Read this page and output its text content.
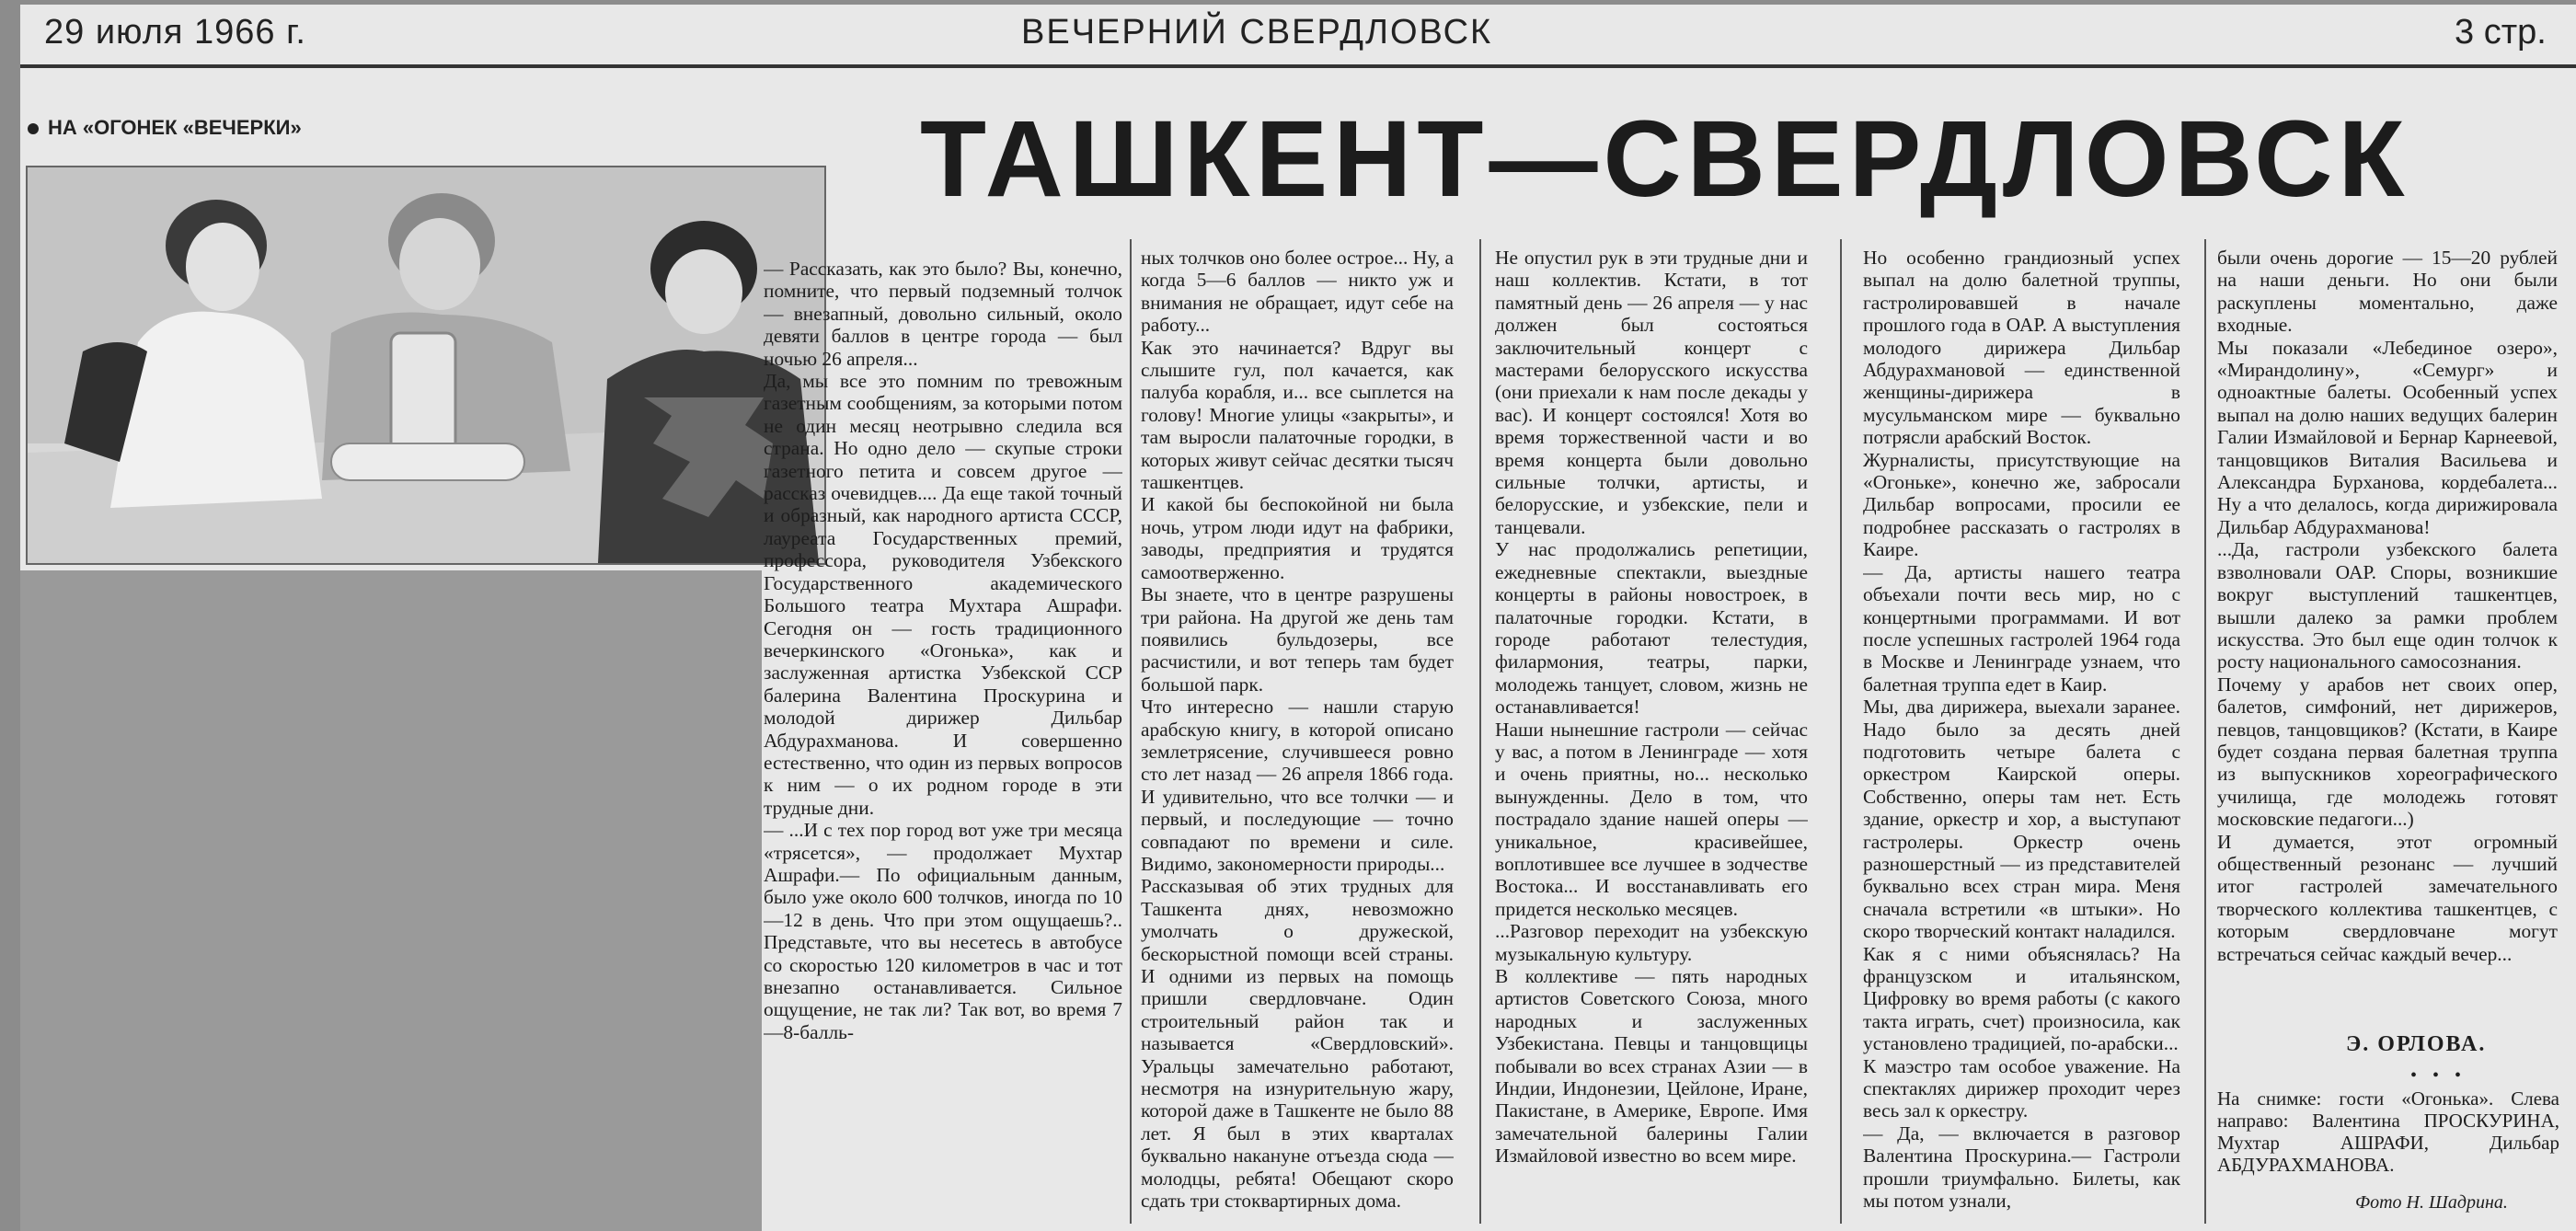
29 июля 1966 г.	ВЕЧЕРНИЙ СВЕРДЛОВСК	3 стр.
НА «ОГОНЕК «ВЕЧЕРКИ»	ТАШКЕНТ—СВЕРДЛОВСК
— Рассказать, как это было? Вы, конечно, помните, что первый подземный толчок — внезапный, довольно сильный, около девяти баллов в центре города — был ночью 26 апреля...
Да, мы все это помним по тревожным газетным сообщениям, за которыми потом не один месяц неотрывно следила вся страна. Но одно дело — скупые строки газетного петита и совсем другое — рассказ очевидцев.... Да еще такой точный и образный, как народного артиста СССР, лауреата Государственных премий, профессора, руководителя Узбекского Государственного академического Большого театра Мухтара Ашрафи. Сегодня он — гость традиционного вечеркинского «Огонька», как и заслуженная артистка Узбекской ССР балерина Валентина Проскурина и молодой дирижер Дильбар Абдурахманова. И совершенно естественно, что один из первых вопросов к ним — о их родном городе в эти трудные дни.
— ...И с тех пор город вот уже три месяца «трясется», — продолжает Мухтар Ашрафи.— По официальным данным, было уже около 600 толчков, иногда по 10—12 в день. Что при этом ощущаешь?.. Представьте, что вы несетесь в автобусе со скоростью 120 километров в час и тот внезапно останавливается. Сильное ощущение, не так ли? Так вот, во время 7—8-балль-
ных толчков оно более острое... Ну, а когда 5—6 баллов — никто уж и внимания не обращает, идут себе на работу...
Как это начинается? Вдруг вы слышите гул, пол качается, как палуба корабля, и... все сыплется на голову! Многие улицы «закрыты», и там выросли палаточные городки, в которых живут сейчас десятки тысяч ташкентцев.
И какой бы беспокойной ни была ночь, утром люди идут на фабрики, заводы, предприятия и трудятся самоотверженно.
Вы знаете, что в центре разрушены три района. На другой же день там появились бульдозеры, все расчистили, и вот теперь там будет большой парк.
Что интересно — нашли старую арабскую книгу, в которой описано землетрясение, случившееся ровно сто лет назад — 26 апреля 1866 года. И удивительно, что все толчки — и первый, и последующие — точно совпадают по времени и силе. Видимо, закономерности природы...
Рассказывая об этих трудных для Ташкента днях, невозможно умолчать о дружеской, бескорыстной помощи всей страны. И одними из первых на помощь пришли свердловчане. Один строительный район так и называется «Свердловский». Уральцы замечательно работают, несмотря на изнурительную жару, которой даже в Ташкенте не было 88 лет. Я был в этих кварталах буквально накануне отъезда сюда — молодцы, ребята! Обещают скоро сдать три стоквартирных дома.
Не опустил рук в эти трудные дни и наш коллектив. Кстати, в тот памятный день — 26 апреля — у нас должен был состояться заключительный концерт с мастерами белорусского искусства (они приехали к нам после декады у вас). И концерт состоялся! Хотя во время торжественной части и во время концерта были довольно сильные толчки, артисты, и белорусские, и узбекские, пели и танцевали.
У нас продолжались репетиции, ежедневные спектакли, выездные концерты в районы новостроек, в палаточные городки. Кстати, в городе работают телестудия, филармония, театры, парки, молодежь танцует, словом, жизнь не останавливается!
Наши нынешние гастроли — сейчас у вас, а потом в Ленинграде — хотя и очень приятны, но... несколько вынужденны. Дело в том, что пострадало здание нашей оперы — уникальное, красивейшее, воплотившее все лучшее в зодчестве Востока... И восстанавливать его придется несколько месяцев.
...Разговор переходит на узбекскую музыкальную культуру.
В коллективе — пять народных артистов Советского Союза, много народных и заслуженных Узбекистана. Певцы и танцовщицы побывали во всех странах Азии — в Индии, Индонезии, Цейлоне, Иране, Пакистане, в Америке, Европе. Имя замечательной балерины Галии Измайловой известно во всем мире.
Но особенно грандиозный успех выпал на долю балетной труппы, гастролировавшей в начале прошлого года в ОАР. А выступления молодого дирижера Дильбар Абдурахмановой — единственной женщины-дирижера в мусульманском мире — буквально потрясли арабский Восток.
Журналисты, присутствующие на «Огоньке», конечно же, забросали Дильбар вопросами, просили ее подробнее рассказать о гастролях в Каире.
— Да, артисты нашего театра объехали почти весь мир, но с концертными программами. И вот после успешных гастролей 1964 года в Москве и Ленинграде узнаем, что балетная труппа едет в Каир.
Мы, два дирижера, выехали заранее. Надо было за десять дней подготовить четыре балета с оркестром Каирской оперы. Собственно, оперы там нет. Есть здание, оркестр и хор, а выступают гастролеры. Оркестр очень разношерстный — из представителей буквально всех стран мира. Меня сначала встретили «в штыки». Но скоро творческий контакт наладился.
Как я с ними объяснялась? На французском и итальянском, Цифровку во время работы (с какого такта играть, счет) произносила, как установлено традицией, по-арабски...
К маэстро там особое уважение. На спектаклях дирижер проходит через весь зал к оркестру.
— Да, — включается в разговор Валентина Проскурина.— Гастроли прошли триумфально. Билеты, как мы потом узнали,
были очень дорогие — 15—20 рублей на наши деньги. Но они были раскуплены моментально, даже входные.
Мы показали «Лебединое озеро», «Мирандолину», «Семург» и одноактные балеты. Особенный успех выпал на долю наших ведущих балерин Галии Измайловой и Бернар Карнеевой, танцовщиков Виталия Васильева и Александра Бурханова, кордебалета... Ну а что делалось, когда дирижировала Дильбар Абдурахманова!
...Да, гастроли узбекского балета взволновали ОАР. Споры, возникшие вокруг выступлений ташкентцев, вышли далеко за рамки проблем искусства. Это был еще один толчок к росту национального самосознания.
Почему у арабов нет своих опер, балетов, симфоний, нет дирижеров, певцов, танцовщиков? (Кстати, в Каире будет создана первая балетная труппа из выпускников хореографического училища, где молодежь готовят московские педагоги...)
И думается, этот огромный общественный резонанс — лучший итог гастролей замечательного творческого коллектива ташкентцев, с которым свердловчане могут встречаться сейчас каждый вечер...
Э. ОРЛОВА.
• • •
На снимке: гости «Огонька». Слева направо: Валентина ПРОСКУРИНА, Мухтар АШРАФИ, Дильбар АБДУРАХМАНОВА.
Фото Н. Шадрина.
